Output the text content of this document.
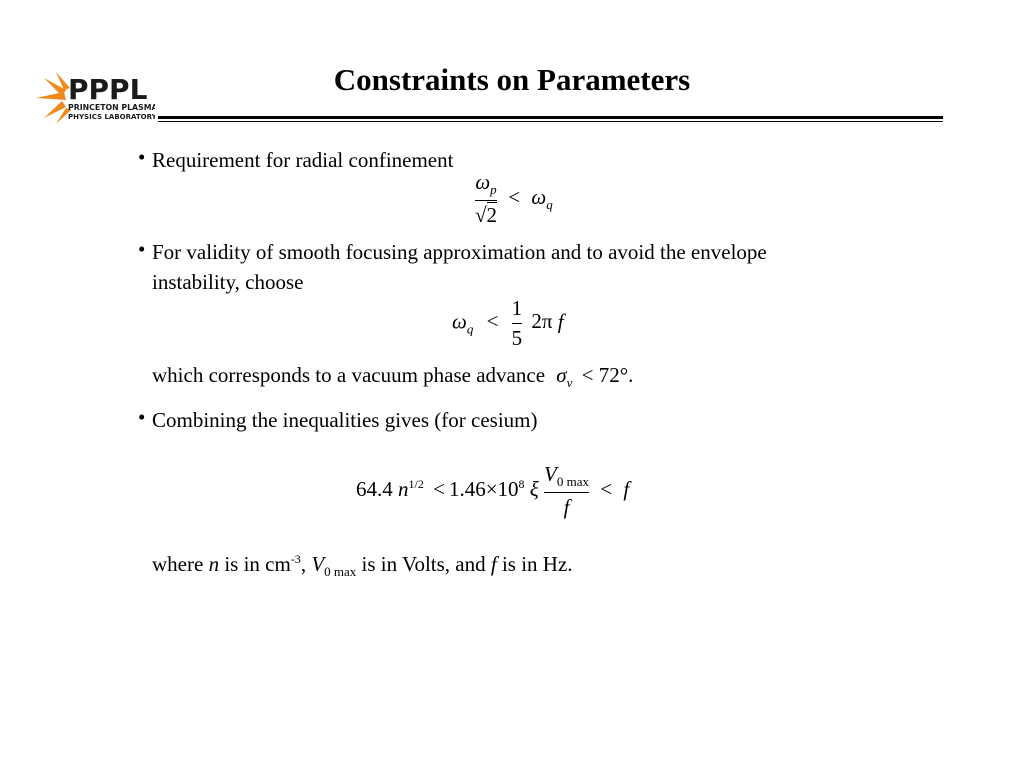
PPPL
PRINCETON PLASMA
PHYSICS LABORATORY
Constraints on Parameters
• Requirement for radial confinement
$\frac{\omega_p}{√2} < \omega_q$
• For validity of smooth focusing approximation and to avoid the envelope
instability, choose
$\omega_q < \frac{1}{5} 2\pi$ f
which corresponds to a vacuum phase advance $\sigma_v < 72^\circ$.
• Combining the inequalities gives (for cesium)
64.4 $n^{1/2} < 1.46\times 10^8$ ξ $\frac{V_{0 max}}{f} < f$
where n is in $cm^{-3}$, $V_{0 max}$ is in Volts, and f is in Hz.
